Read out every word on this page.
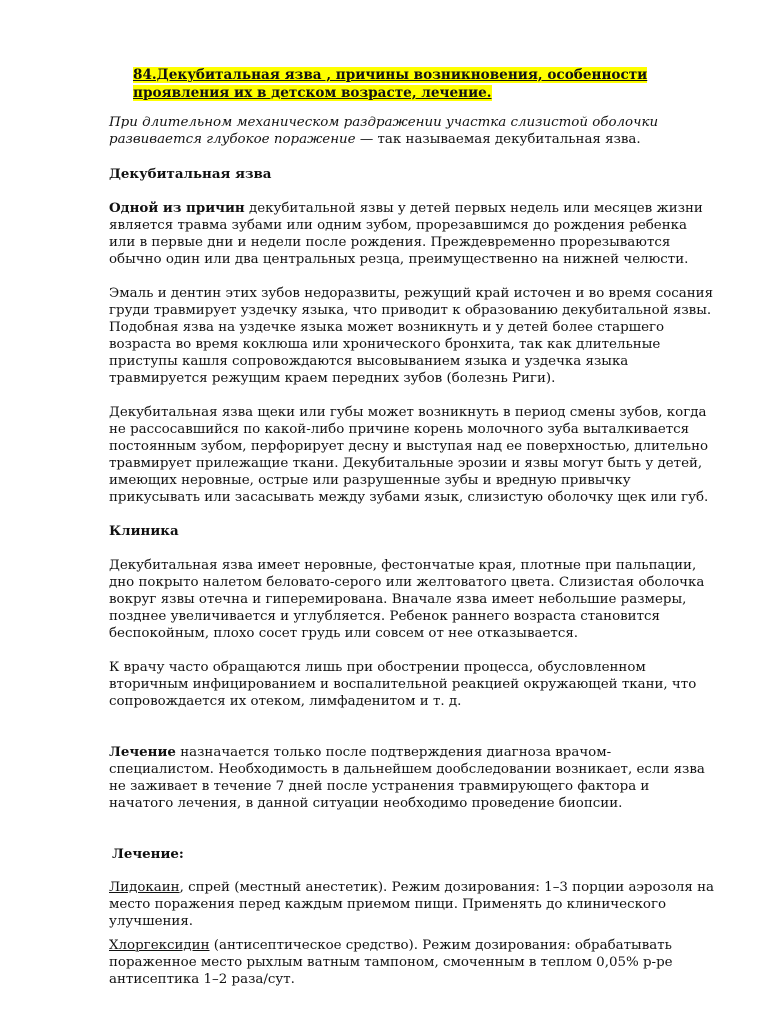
84.Декубитальная язва , причины возникновения, особенности
проявления их в детском возрасте, лечение.

При длительном механическом раздражении участка слизистой оболочки развивается глубокое поражение — так называемая декубитальная язва.

Декубитальная язва

Одной из причин декубитальной язвы у детей первых недель или месяцев жизни является травма зубами или одним зубом, прорезавшимся до рождения ребенка или в первые дни и недели после рождения. Преждевременно прорезываются обычно один или два центральных резца, преимущественно на нижней челюсти.

Эмаль и дентин этих зубов недоразвиты, режущий край источен и во время сосания груди травмирует уздечку языка, что приводит к образованию декубитальной язвы. Подобная язва на уздечке языка может возникнуть и у детей более старшего возраста во время коклюша или хронического бронхита, так как длительные приступы кашля сопровождаются высовыванием языка и уздечка языка травмируется режущим краем передних зубов (болезнь Риги).

Декубитальная язва щеки или губы может возникнуть в период смены зубов, когда не рассосавшийся по какой-либо причине корень молочного зуба выталкивается постоянным зубом, перфорирует десну и выступая над ее поверхностью, длительно травмирует прилежащие ткани. Декубитальные эрозии и язвы могут быть у детей, имеющих неровные, острые или разрушенные зубы и вредную привычку прикусывать или засасывать между зубами язык, слизистую оболочку щек или губ.

Клиника

Декубитальная язва имеет неровные, фестончатые края, плотные при пальпации, дно покрыто налетом беловато-серого или желтоватого цвета. Слизистая оболочка вокруг язвы отечна и гиперемирована. Вначале язва имеет небольшие размеры, позднее увеличивается и углубляется. Ребенок раннего возраста становится беспокойным, плохо сосет грудь или совсем от нее отказывается.

К врачу часто обращаются лишь при обострении процесса, обусловленном вторичным инфицированием и воспалительной реакцией окружающей ткани, что сопровождается их отеком, лимфаденитом и т. д.

Лечение назначается только после подтверждения диагноза врачом-специалистом. Необходимость в дальнейшем дообследовании возникает, если язва не заживает в течение 7 дней после устранения травмирующего фактора и начатого лечения, в данной ситуации необходимо проведение биопсии.

Лечение:

Лидокаин, спрей (местный анестетик). Режим дозирования: 1–3 порции аэрозоля на место поражения перед каждым приемом пищи. Применять до клинического улучшения.

Хлоргексидин (антисептическое средство). Режим дозирования: обрабатывать пораженное место рыхлым ватным тампоном, смоченным в теплом 0,05% р-ре антисептика 1–2 раза/сут.
